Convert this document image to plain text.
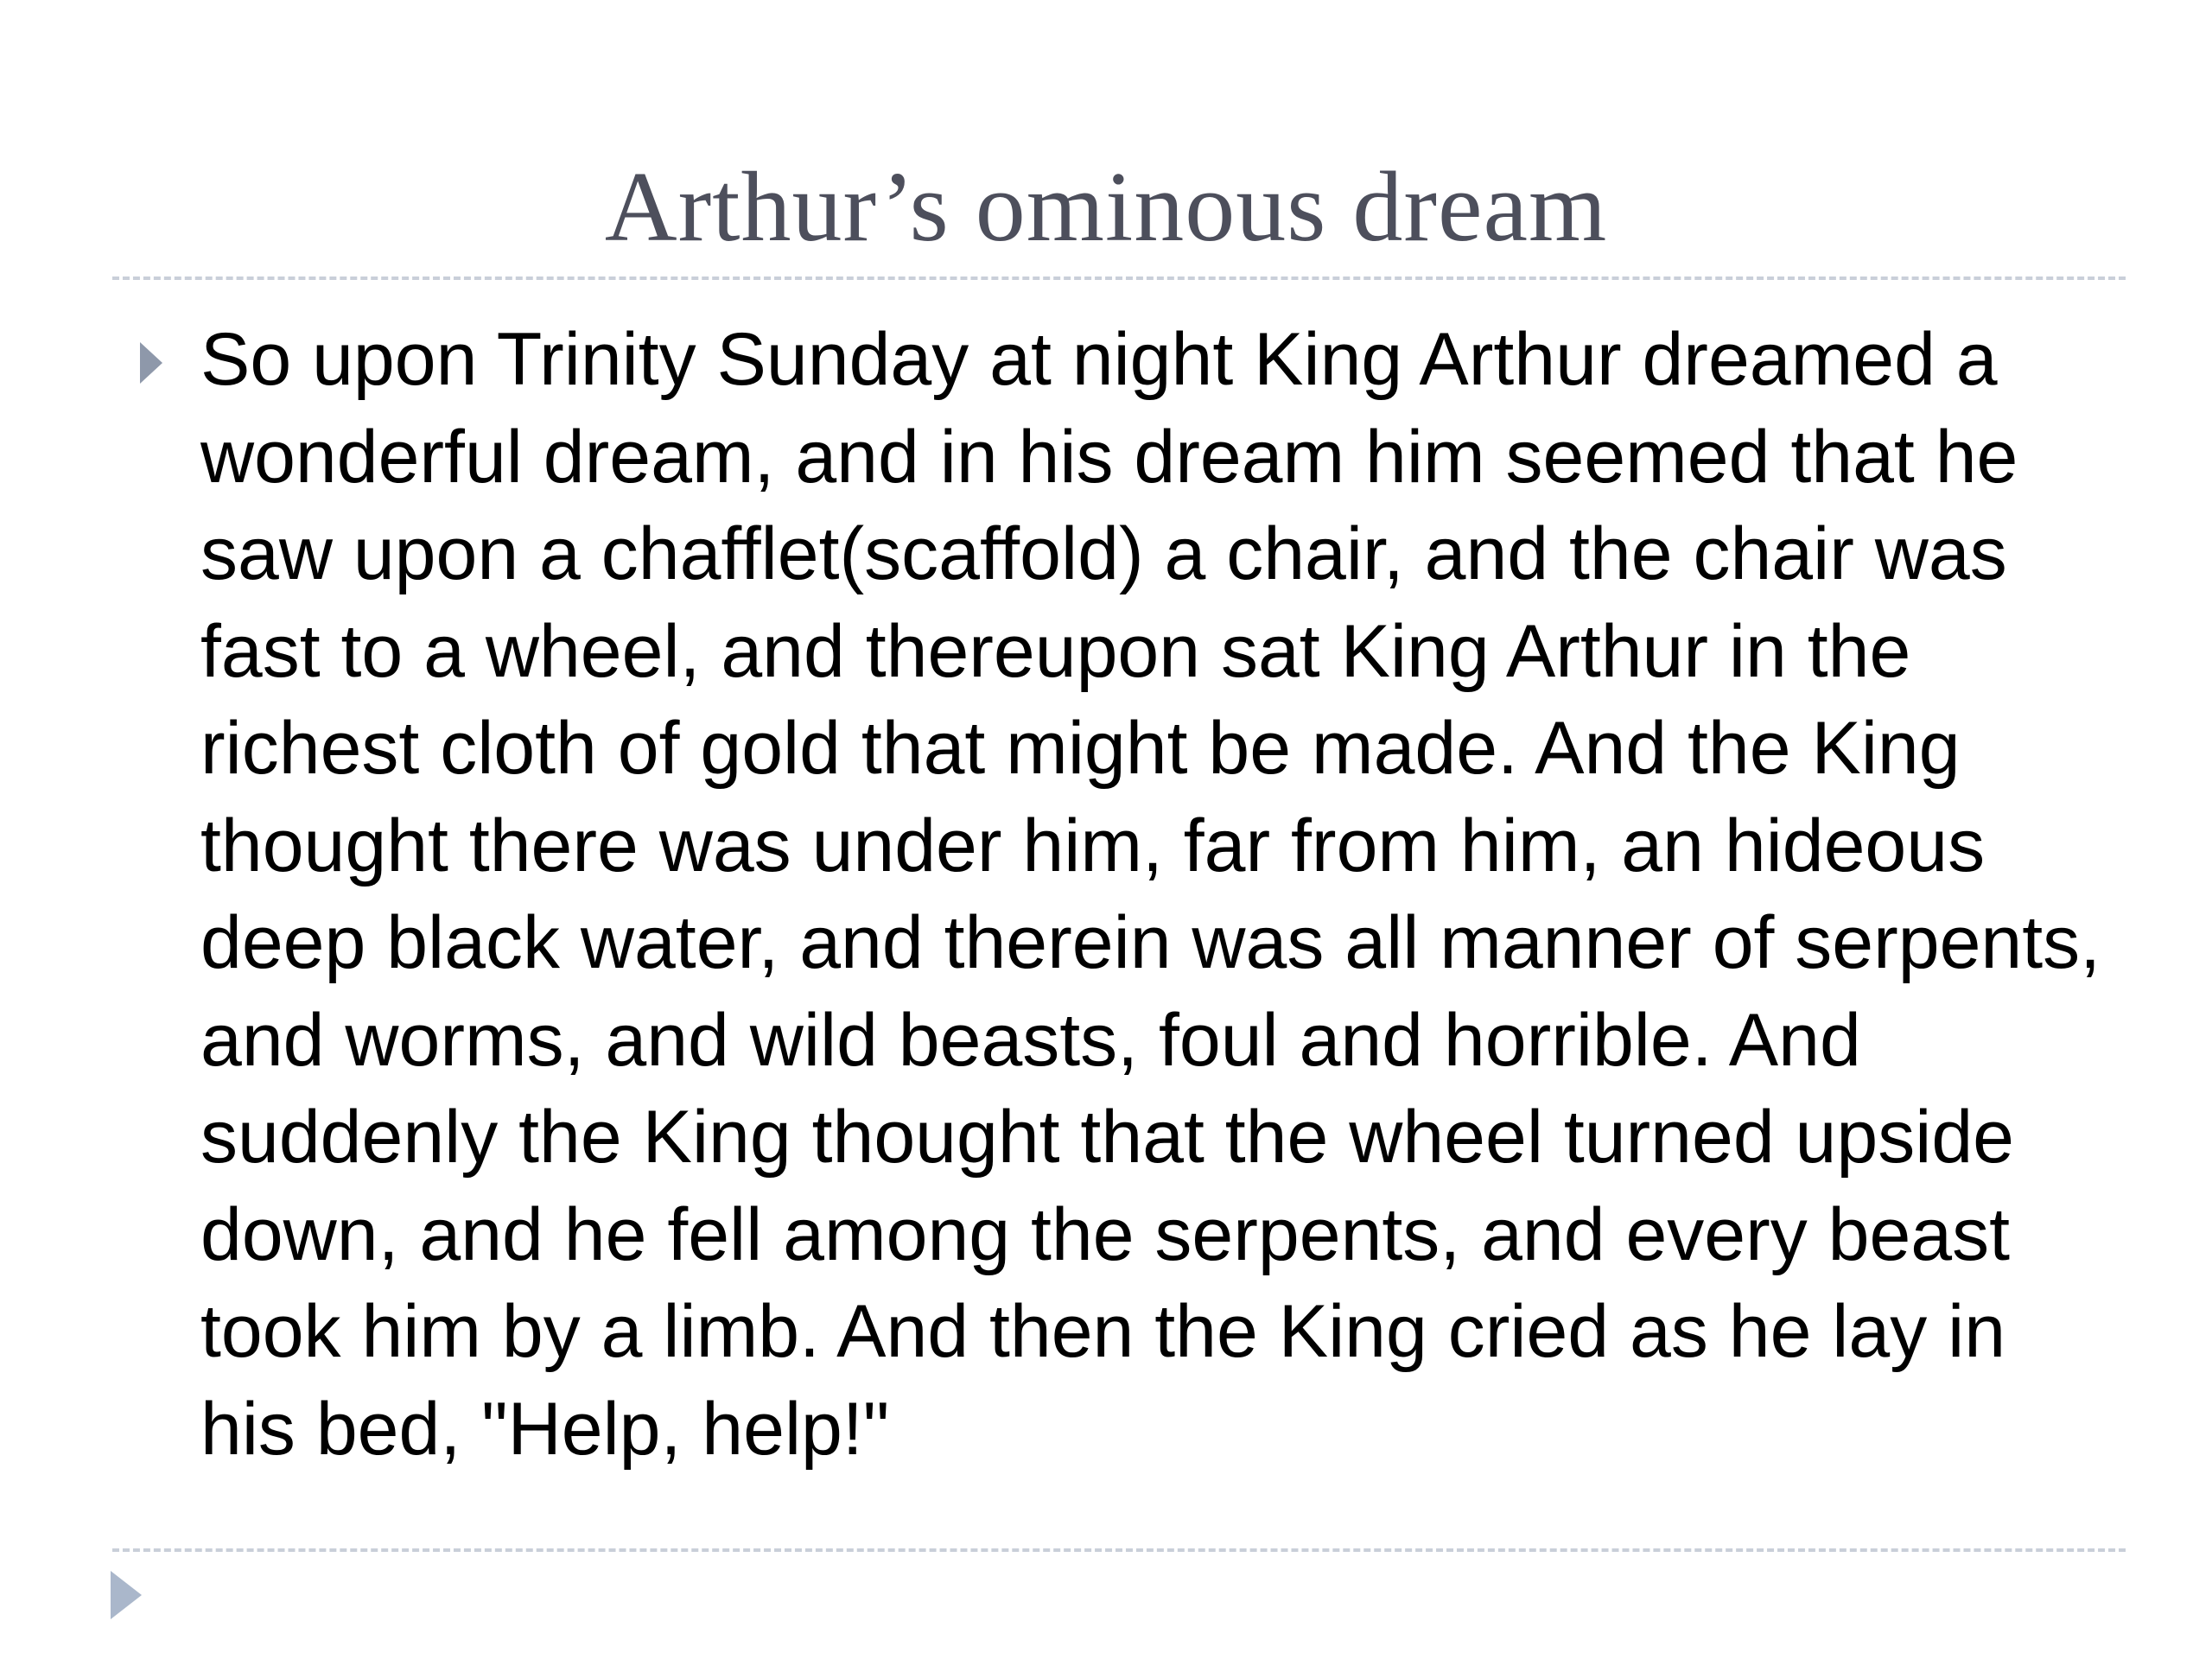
Arthur’s ominous dream
So upon Trinity Sunday at night King Arthur dreamed a wonderful dream, and in his dream him seemed that he saw upon a chafflet(scaffold) a chair, and the chair was fast to a wheel, and thereupon sat King Arthur in the richest cloth of gold that might be made. And the King thought there was under him, far from him, an hideous deep black water, and therein was all manner of serpents, and worms, and wild beasts, foul and horrible. And suddenly the King thought that the wheel turned upside down, and he fell among the serpents, and every beast took him by a limb. And then the King cried as he lay in his bed, "Help, help!"
